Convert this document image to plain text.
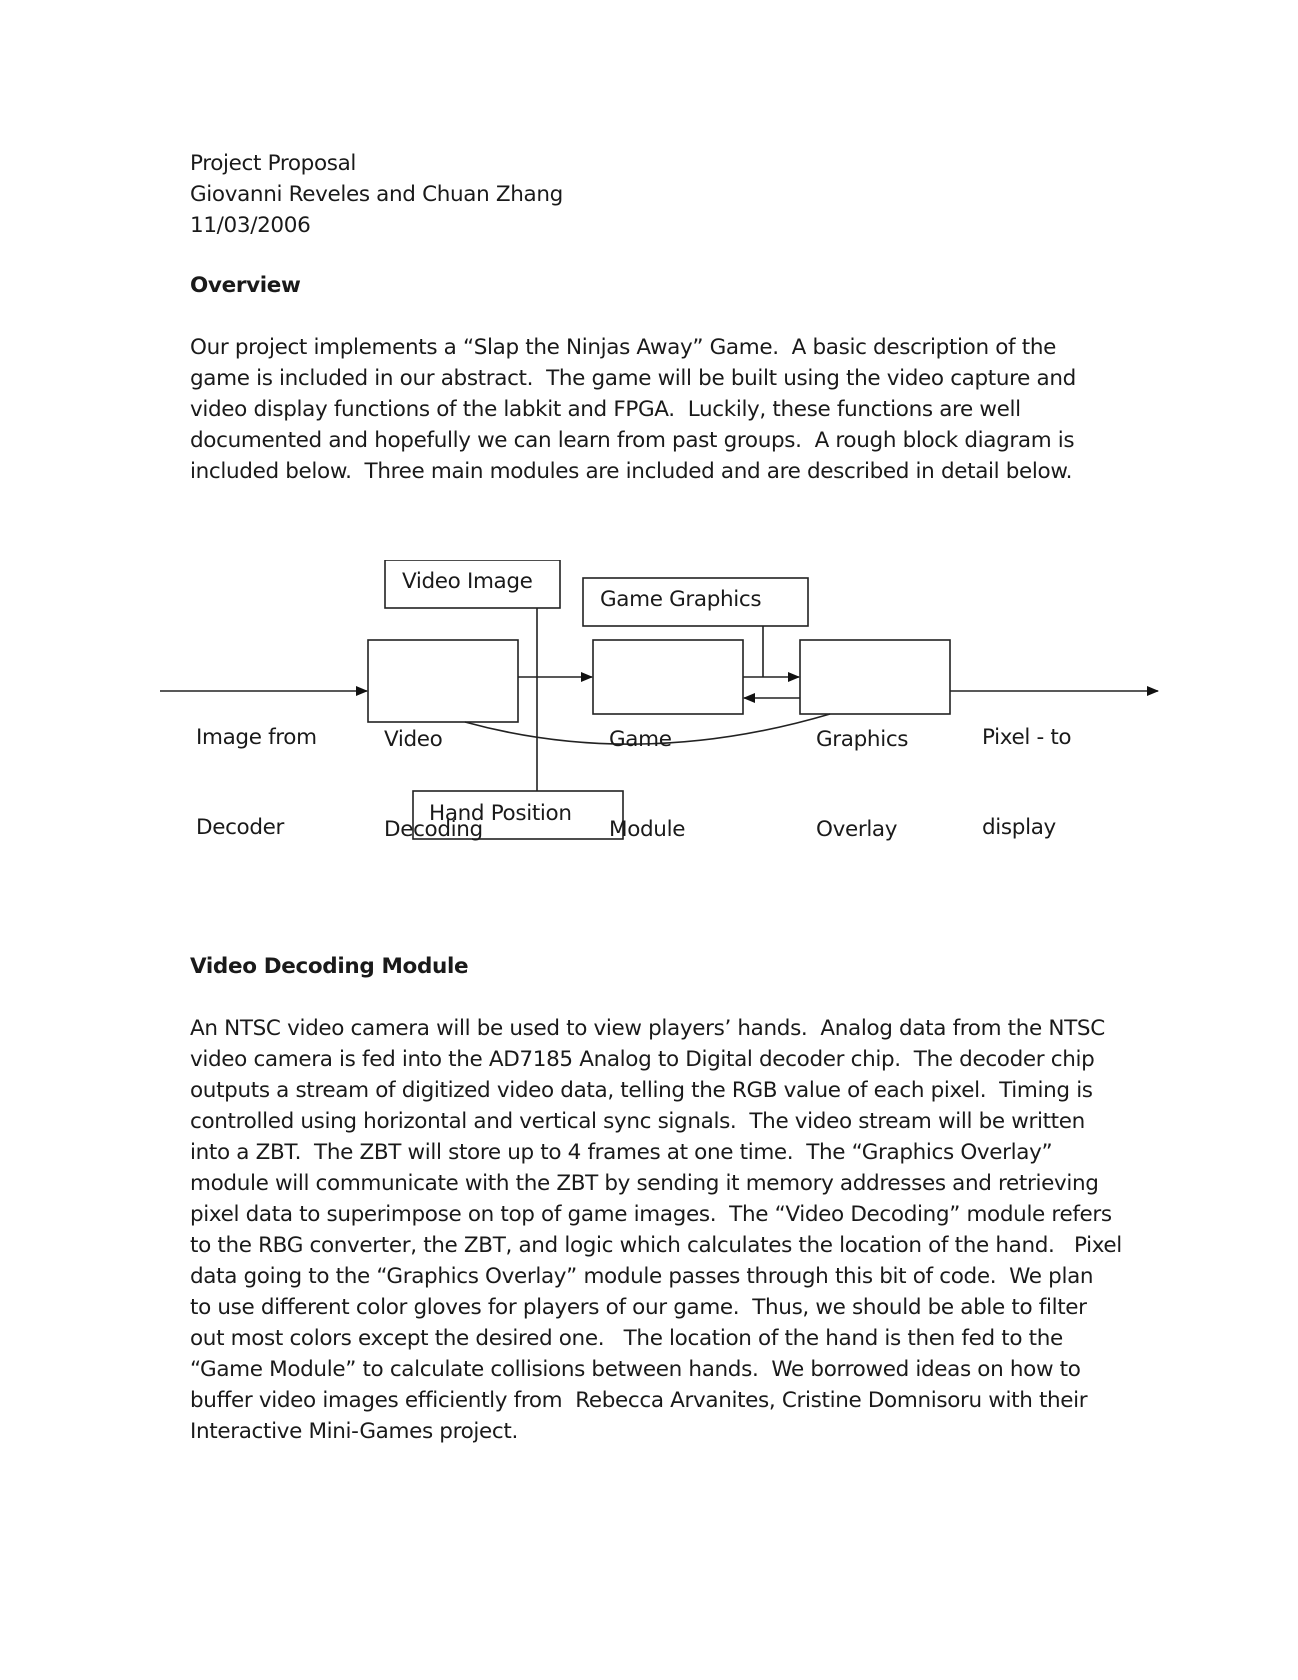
Project Proposal
Giovanni Reveles and Chuan Zhang
11/03/2006
Overview
Our project implements a “Slap the Ninjas Away” Game.  A basic description of the
game is included in our abstract.  The game will be built using the video capture and
video display functions of the labkit and FPGA.  Luckily, these functions are well
documented and hopefully we can learn from past groups.  A rough block diagram is
included below.  Three main modules are included and are described in detail below.

Image from

Decoder

Video Image
Game Graphics

Video

Decoding

Game

Module

Graphics

Overlay

Pixel - to

display

Hand Position
Video Decoding Module
An NTSC video camera will be used to view players’ hands.  Analog data from the NTSC
video camera is fed into the AD7185 Analog to Digital decoder chip.  The decoder chip
outputs a stream of digitized video data, telling the RGB value of each pixel.  Timing is
controlled using horizontal and vertical sync signals.  The video stream will be written
into a ZBT.  The ZBT will store up to 4 frames at one time.  The “Graphics Overlay”
module will communicate with the ZBT by sending it memory addresses and retrieving
pixel data to superimpose on top of game images.  The “Video Decoding” module refers
to the RBG converter, the ZBT, and logic which calculates the location of the hand.   Pixel
data going to the “Graphics Overlay” module passes through this bit of code.  We plan
to use different color gloves for players of our game.  Thus, we should be able to filter
out most colors except the desired one.   The location of the hand is then fed to the
“Game Module” to calculate collisions between hands.  We borrowed ideas on how to
buffer video images efficiently from  Rebecca Arvanites, Cristine Domnisoru with their
Interactive Mini-Games project.
